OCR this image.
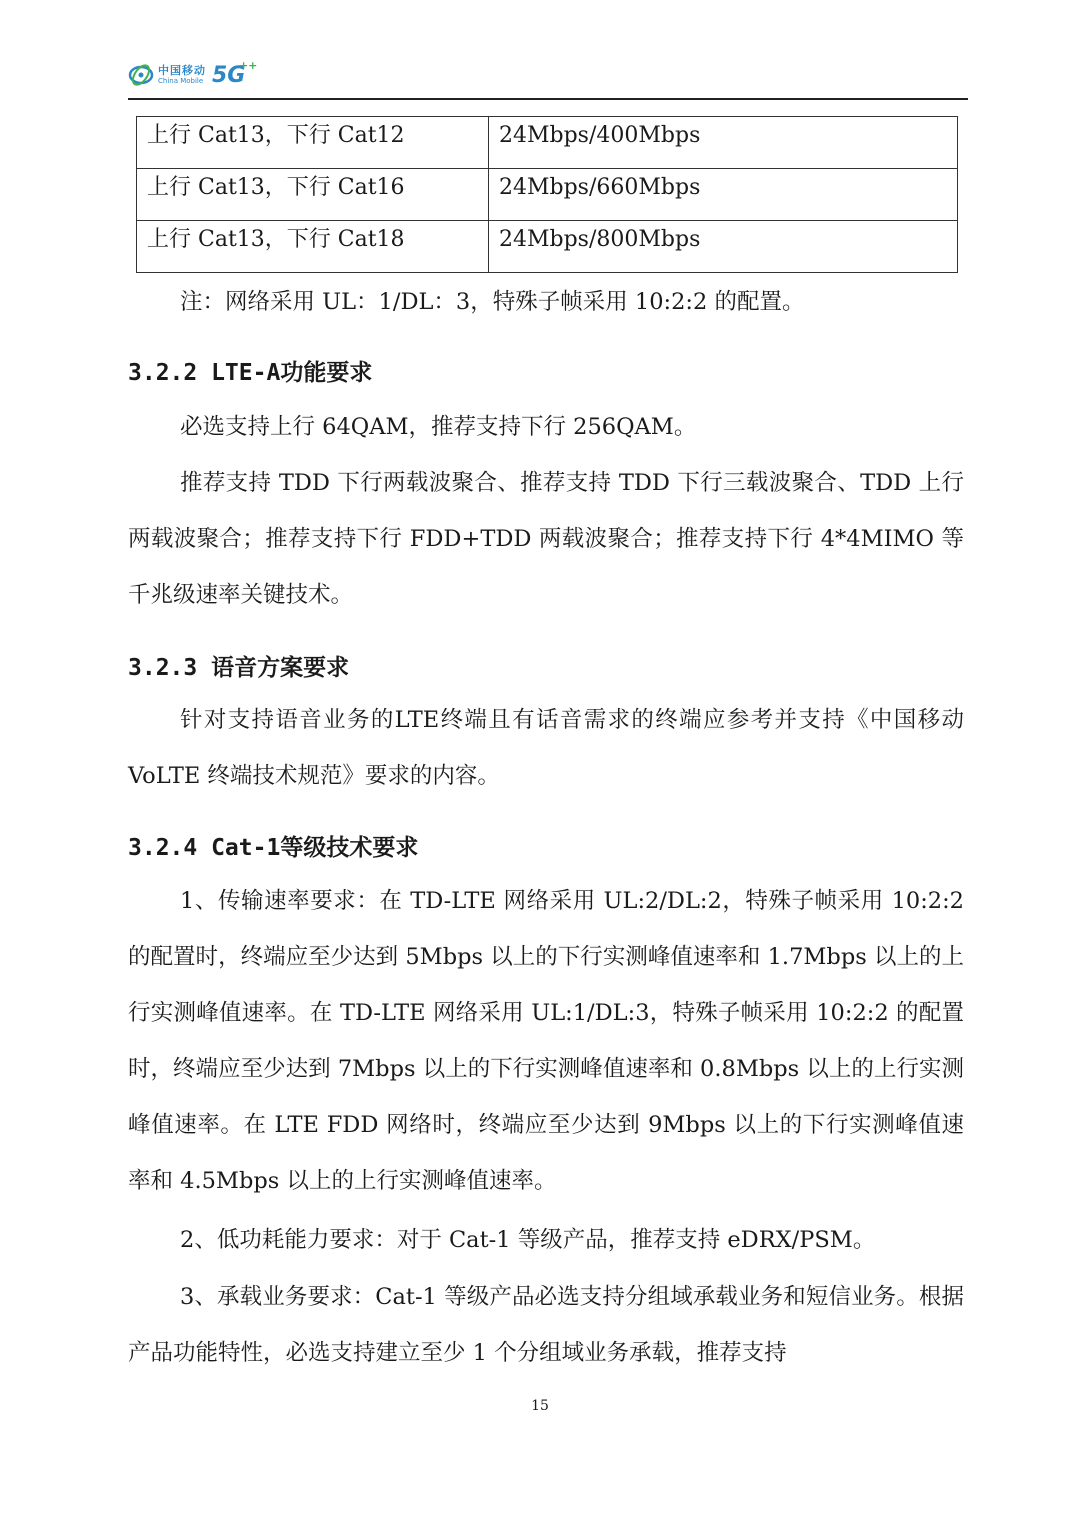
中国移动
China Mobile 5G
++
上行 Cat13，下行 Cat12	24Mbps/400Mbps
上行 Cat13，下行 Cat16	24Mbps/660Mbps
上行 Cat13，下行 Cat18	24Mbps/800Mbps
注：网络采用 UL：1/DL：3，特殊子帧采用 10:2:2 的配置。
3.2.2 LTE-A功能要求
必选支持上行 64QAM，推荐支持下行 256QAM。
推荐支持 TDD 下行两载波聚合、推荐支持 TDD 下行三载波聚合、TDD 上行两载波聚合；推荐支持下行 FDD+TDD 两载波聚合；推荐支持下行 4*4MIMO 等千兆级速率关键技术。
3.2.3 语音方案要求
针对支持语音业务的LTE终端且有话音需求的终端应参考并支持《中国移动 VoLTE 终端技术规范》要求的内容。
3.2.4 Cat-1等级技术要求
1、传输速率要求：在 TD-LTE 网络采用 UL:2/DL:2，特殊子帧采用 10:2:2 的配置时，终端应至少达到 5Mbps 以上的下行实测峰值速率和 1.7Mbps 以上的上行实测峰值速率。在 TD-LTE 网络采用 UL:1/DL:3，特殊子帧采用 10:2:2 的配置时，终端应至少达到 7Mbps 以上的下行实测峰值速率和 0.8Mbps 以上的上行实测峰值速率。在 LTE FDD 网络时，终端应至少达到 9Mbps 以上的下行实测峰值速率和 4.5Mbps 以上的上行实测峰值速率。
2、低功耗能力要求：对于 Cat-1 等级产品，推荐支持 eDRX/PSM。
3、承载业务要求：Cat-1 等级产品必选支持分组域承载业务和短信业务。根据产品功能特性，必选支持建立至少 1 个分组域业务承载，推荐支持
15
